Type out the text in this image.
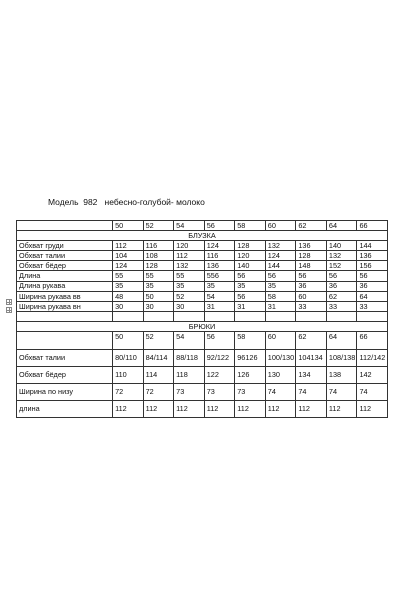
Модель  982   небесно-голубой- молоко
	50	52	54	56	58	60	62	64	66
БЛУЗКА									
Обхват груди	112	116	120	124	128	132	136	140	144
Обхват талии	104	108	112	116	120	124	128	132	136
Обхват бёдер	124	128	132	136	140	144	148	152	156
Длина	55	55	55	556	56	56	56	56	56
Длина рукава	35	35	35	35	35	35	36	36	36
Ширина рукава вв	48	50	52	54	56	58	60	62	64
Ширина рукава вн	30	30	30	31	31	31	33	33	33

БРЮКИ									
	50	52	54	56	58	60	62	64	66
Обхват талии	80/110	84/114	88/118	92/122	96126	100/130	104134	108/138	112/142
Обхват бёдер	110	114	118	122	126	130	134	138	142
Ширина по низу	72	72	73	73	73	74	74	74	74
длина	112	112	112	112	112	112	112	112	112
